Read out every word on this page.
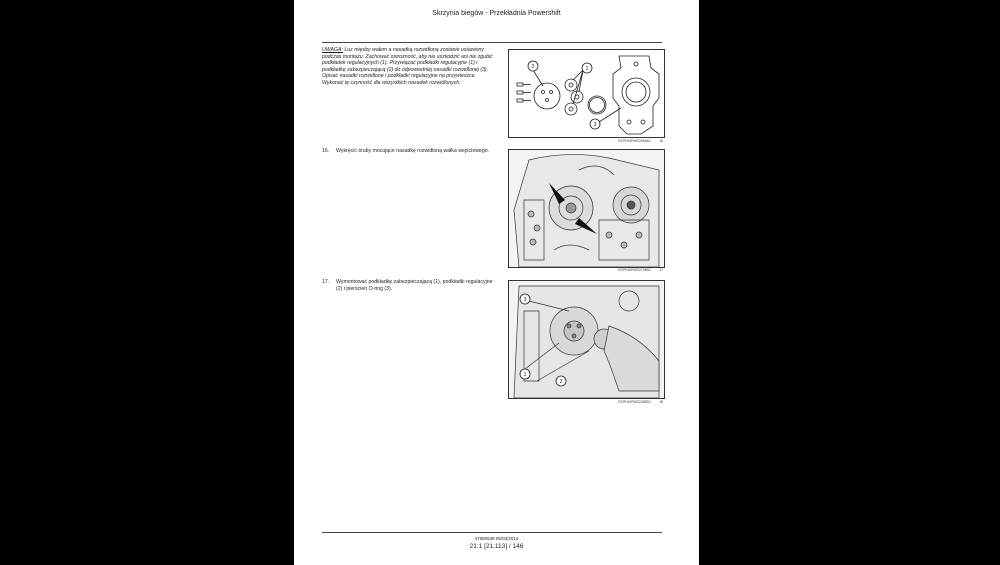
Skrzynia biegów - Przekładnia Powershift
UWAGA: Luz między wałem a nasadką rozwidloną zostanie ustawiony podczas montażu. Zachować ostrożność, aby nie uszkodzić ani nie zgubić podkładek regulacyjnych (1). Przywiązać podkładki regulacyjne (1) i podkładkę zabezpieczającą (2) do odpowiedniej nasadki rozwidlonej (3). Opisać nasadki rozwidlone i podkładki regulacyjne na przywieszce.
Wykonać tę czynność dla wszystkich nasadek rozwidlonych.
16.	Wykręcić śruby mocujące nasadkę rozwidloną wałka wejściowego.
17.	Wymontować podkładkę zabezpieczającą (1), podkładki regulacyjne (2) i pierścień O-ring (3).
2	1
3
RCPH10PWS239AAC	15
RCPH10PWS217BBC	17
3
1
2
RCPH10PWS218BBC	18
47680538 05/03/2014
21.1 [21.113] / 146
